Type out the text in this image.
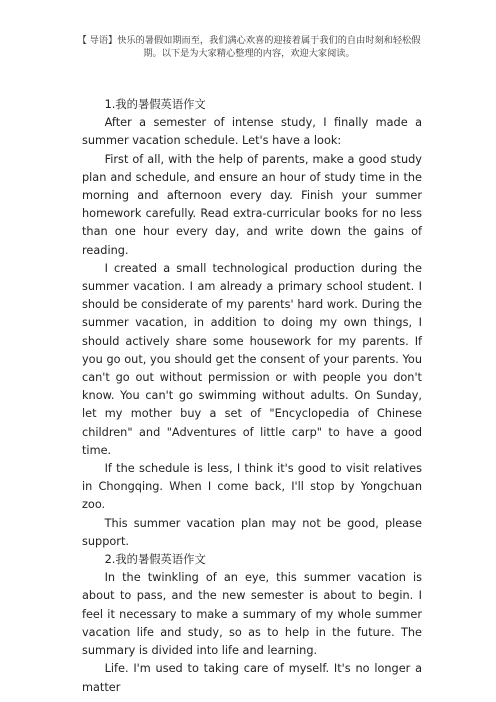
【 导语】快乐的暑假如期而至，我们满心欢喜的迎接着属于我们的自由时刻和轻松假期。以下是为大家精心整理的内容，欢迎大家阅读。
1.我的暑假英语作文

After a semester of intense study, I finally made a summer vacation schedule. Let's have a look:

First of all, with the help of parents, make a good study plan and schedule, and ensure an hour of study time in the morning and afternoon every day. Finish your summer homework carefully. Read extra-curricular books for no less than one hour every day, and write down the gains of reading.

I created a small technological production during the summer vacation. I am already a primary school student. I should be considerate of my parents' hard work. During the summer vacation, in addition to doing my own things, I should actively share some housework for my parents. If you go out, you should get the consent of your parents. You can't go out without permission or with people you don't know. You can't go swimming without adults. On Sunday, let my mother buy a set of "Encyclopedia of Chinese children" and "Adventures of little carp" to have a good time.

If the schedule is less, I think it's good to visit relatives in Chongqing. When I come back, I'll stop by Yongchuan zoo.

This summer vacation plan may not be good, please support.

2.我的暑假英语作文

In the twinkling of an eye, this summer vacation is about to pass, and the new semester is about to begin. I feel it necessary to make a summary of my whole summer vacation life and study, so as to help in the future. The summary is divided into life and learning.

Life. I'm used to taking care of myself. It's no longer a matter
